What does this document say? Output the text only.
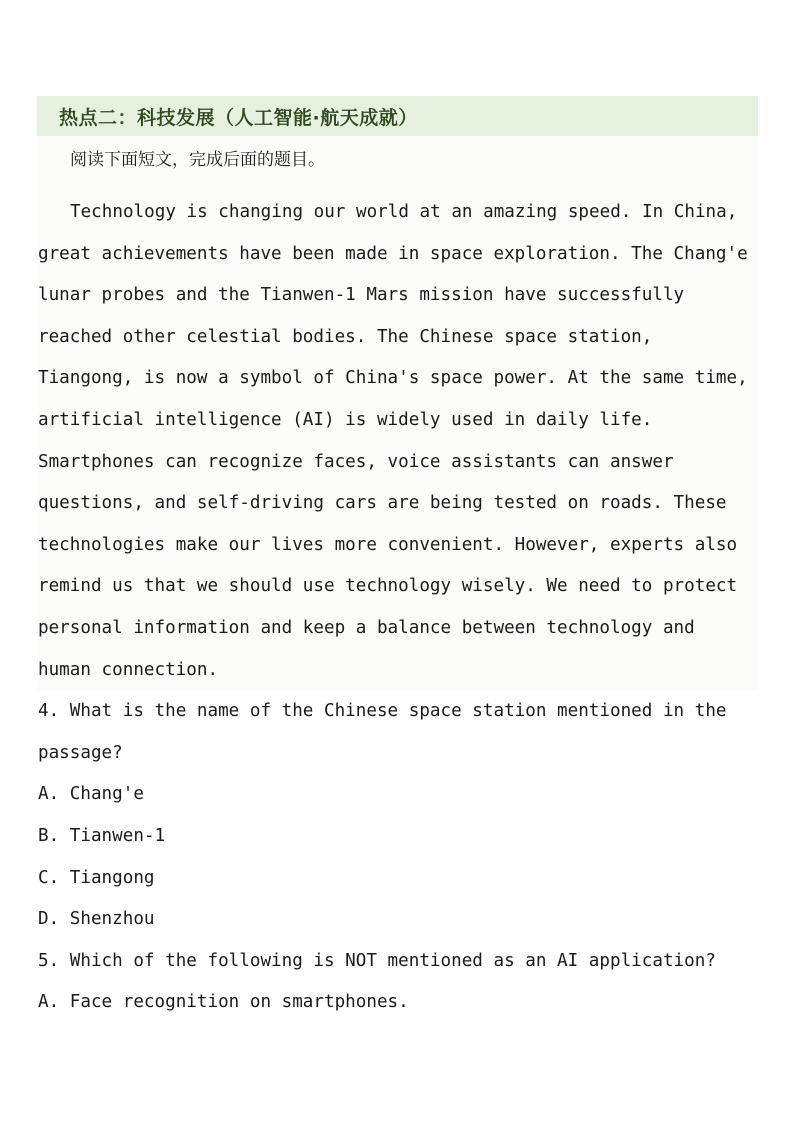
热点二：科技发展（人工智能·航天成就）
阅读下面短文，完成后面的题目。
Technology is changing our world at an amazing speed. In China,
great achievements have been made in space exploration. The Chang'e
lunar probes and the Tianwen-1 Mars mission have successfully
reached other celestial bodies. The Chinese space station,
Tiangong, is now a symbol of China's space power. At the same time,
artificial intelligence (AI) is widely used in daily life.
Smartphones can recognize faces, voice assistants can answer
questions, and self-driving cars are being tested on roads. These
technologies make our lives more convenient. However, experts also
remind us that we should use technology wisely. We need to protect
personal information and keep a balance between technology and
human connection.
4. What is the name of the Chinese space station mentioned in the
passage?
A. Chang'e
B. Tianwen-1
C. Tiangong
D. Shenzhou
5. Which of the following is NOT mentioned as an AI application?
A. Face recognition on smartphones.
